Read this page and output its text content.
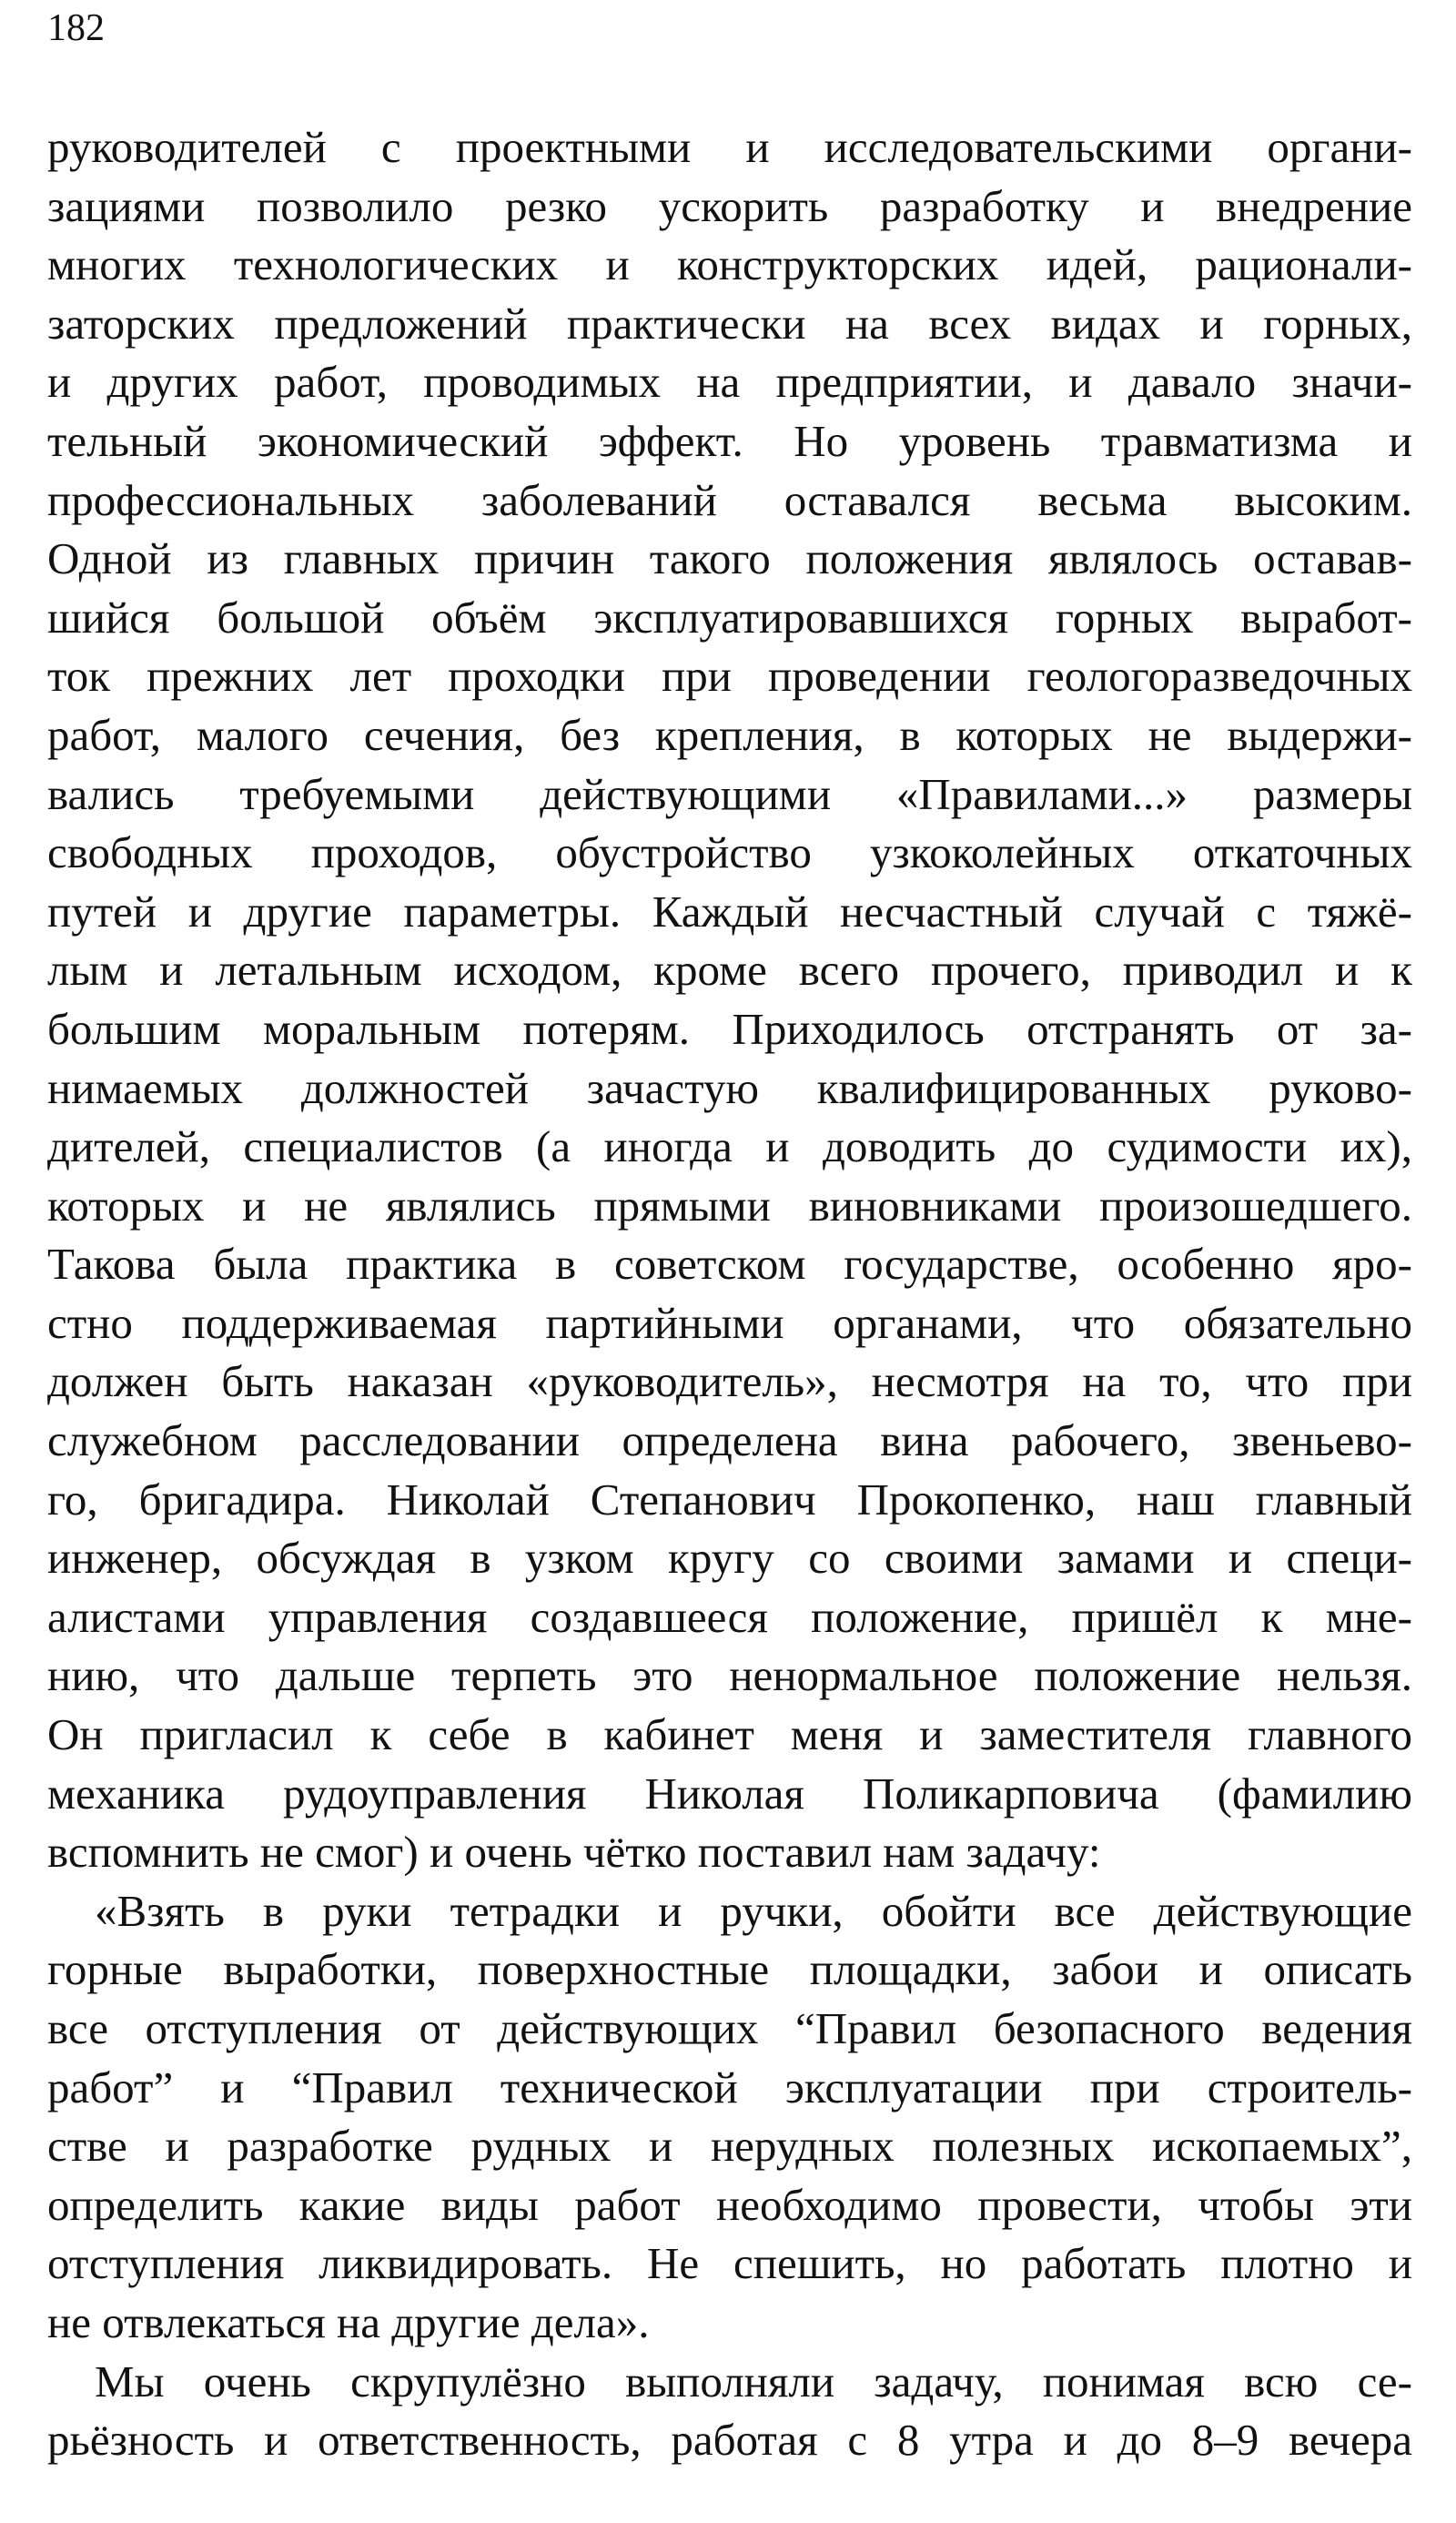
182
руководителей с проектными и исследовательскими органи-
зациями позволило резко ускорить разработку и внедрение
многих технологических и конструкторских идей, рационали-
заторских предложений практически на всех видах и горных,
и других работ, проводимых на предприятии, и давало значи-
тельный экономический эффект. Но уровень травматизма и
профессиональных заболеваний оставался весьма высоким.
Одной из главных причин такого положения являлось оставав-
шийся большой объём эксплуатировавшихся горных выработ-
ток прежних лет проходки при проведении геологоразведочных
работ, малого сечения, без крепления, в которых не выдержи-
вались требуемыми действующими «Правилами...» размеры
свободных проходов, обустройство узкоколейных откаточных
путей и другие параметры. Каждый несчастный случай с тяжё-
лым и летальным исходом, кроме всего прочего, приводил и к
большим моральным потерям. Приходилось отстранять от за-
нимаемых должностей зачастую квалифицированных руково-
дителей, специалистов (а иногда и доводить до судимости их),
которых и не являлись прямыми виновниками произошедшего.
Такова была практика в советском государстве, особенно яро-
стно поддерживаемая партийными органами, что обязательно
должен быть наказан «руководитель», несмотря на то, что при
служебном расследовании определена вина рабочего, звеньево-
го, бригадира. Николай Степанович Прокопенко, наш главный
инженер, обсуждая в узком кругу со своими замами и специ-
алистами управления создавшееся положение, пришёл к мне-
нию, что дальше терпеть это ненормальное положение нельзя.
Он пригласил к себе в кабинет меня и заместителя главного
механика рудоуправления Николая Поликарповича (фамилию
вспомнить не смог) и очень чётко поставил нам задачу:
«Взять в руки тетрадки и ручки, обойти все действующие
горные выработки, поверхностные площадки, забои и описать
все отступления от действующих “Правил безопасного ведения
работ” и “Правил технической эксплуатации при строитель-
стве и разработке рудных и нерудных полезных ископаемых”,
определить какие виды работ необходимо провести, чтобы эти
отступления ликвидировать. Не спешить, но работать плотно и
не отвлекаться на другие дела».
Мы очень скрупулёзно выполняли задачу, понимая всю се-
рьёзность и ответственность, работая с 8 утра и до 8–9 вечера
